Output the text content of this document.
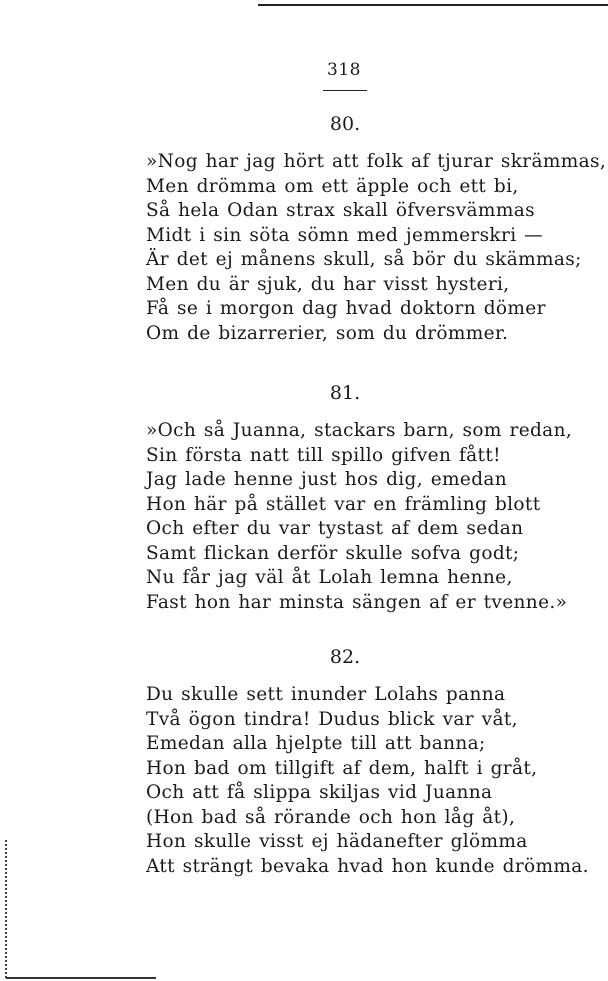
318
80.
»Nog har jag hört att folk af tjurar skrämmas,
Men drömma om ett äpple och ett bi,
Så hela Odan strax skall öfversvämmas
Midt i sin söta sömn med jemmerskri —
Är det ej månens skull, så bör du skämmas;
Men du är sjuk, du har visst hysteri,
Få se i morgon dag hvad doktorn dömer
Om de bizarrerier, som du drömmer.
81.
»Och så Juanna, stackars barn, som redan,
Sin första natt till spillo gifven fått!
Jag lade henne just hos dig, emedan
Hon här på stället var en främling blott
Och efter du var tystast af dem sedan
Samt flickan derför skulle sofva godt;
Nu får jag väl åt Lolah lemna henne,
Fast hon har minsta sängen af er tvenne.»
82.
Du skulle sett inunder Lolahs panna
Två ögon tindra! Dudus blick var våt,
Emedan alla hjelpte till att banna;
Hon bad om tillgift af dem, halft i gråt,
Och att få slippa skiljas vid Juanna
(Hon bad så rörande och hon låg åt),
Hon skulle visst ej hädanefter glömma
Att strängt bevaka hvad hon kunde drömma.
